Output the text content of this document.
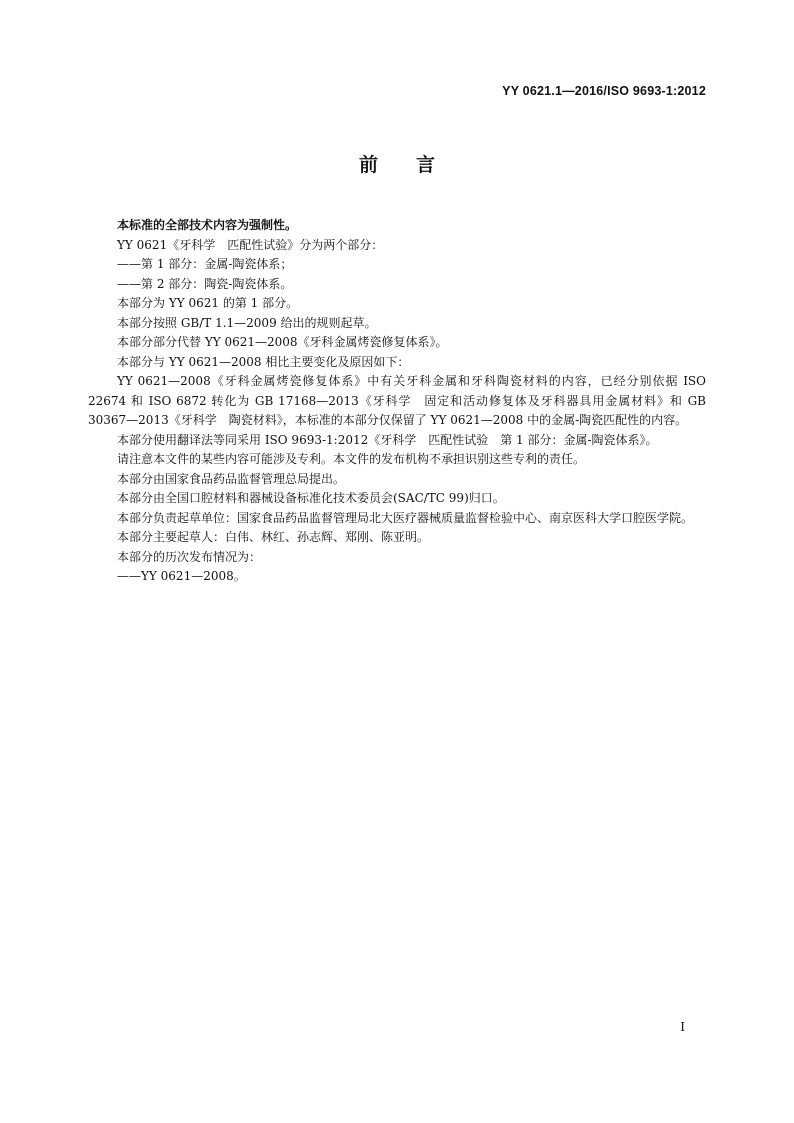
YY 0621.1—2016/ISO 9693-1:2012
前言

本标准的全部技术内容为强制性。

YY 0621《牙科学　匹配性试验》分为两个部分：

——第 1 部分：金属-陶瓷体系；

——第 2 部分：陶瓷-陶瓷体系。

本部分为 YY 0621 的第 1 部分。

本部分按照 GB/T 1.1—2009 给出的规则起草。

本部分部分代替 YY 0621—2008《牙科金属烤瓷修复体系》。

本部分与 YY 0621—2008 相比主要变化及原因如下：

YY 0621—2008《牙科金属烤瓷修复体系》中有关牙科金属和牙科陶瓷材料的内容，已经分别依据 ISO 22674 和 ISO 6872 转化为 GB 17168—2013《牙科学　固定和活动修复体及牙科器具用金属材料》和 GB 30367—2013《牙科学　陶瓷材料》，本标准的本部分仅保留了 YY 0621—2008 中的金属-陶瓷匹配性的内容。

本部分使用翻译法等同采用 ISO 9693-1:2012《牙科学　匹配性试验　第 1 部分：金属-陶瓷体系》。

请注意本文件的某些内容可能涉及专利。本文件的发布机构不承担识别这些专利的责任。

本部分由国家食品药品监督管理总局提出。

本部分由全国口腔材料和器械设备标准化技术委员会(SAC/TC 99)归口。

本部分负责起草单位：国家食品药品监督管理局北大医疗器械质量监督检验中心、南京医科大学口腔医学院。

本部分主要起草人：白伟、林红、孙志辉、郑刚、陈亚明。

本部分的历次发布情况为：

——YY 0621—2008。

I
